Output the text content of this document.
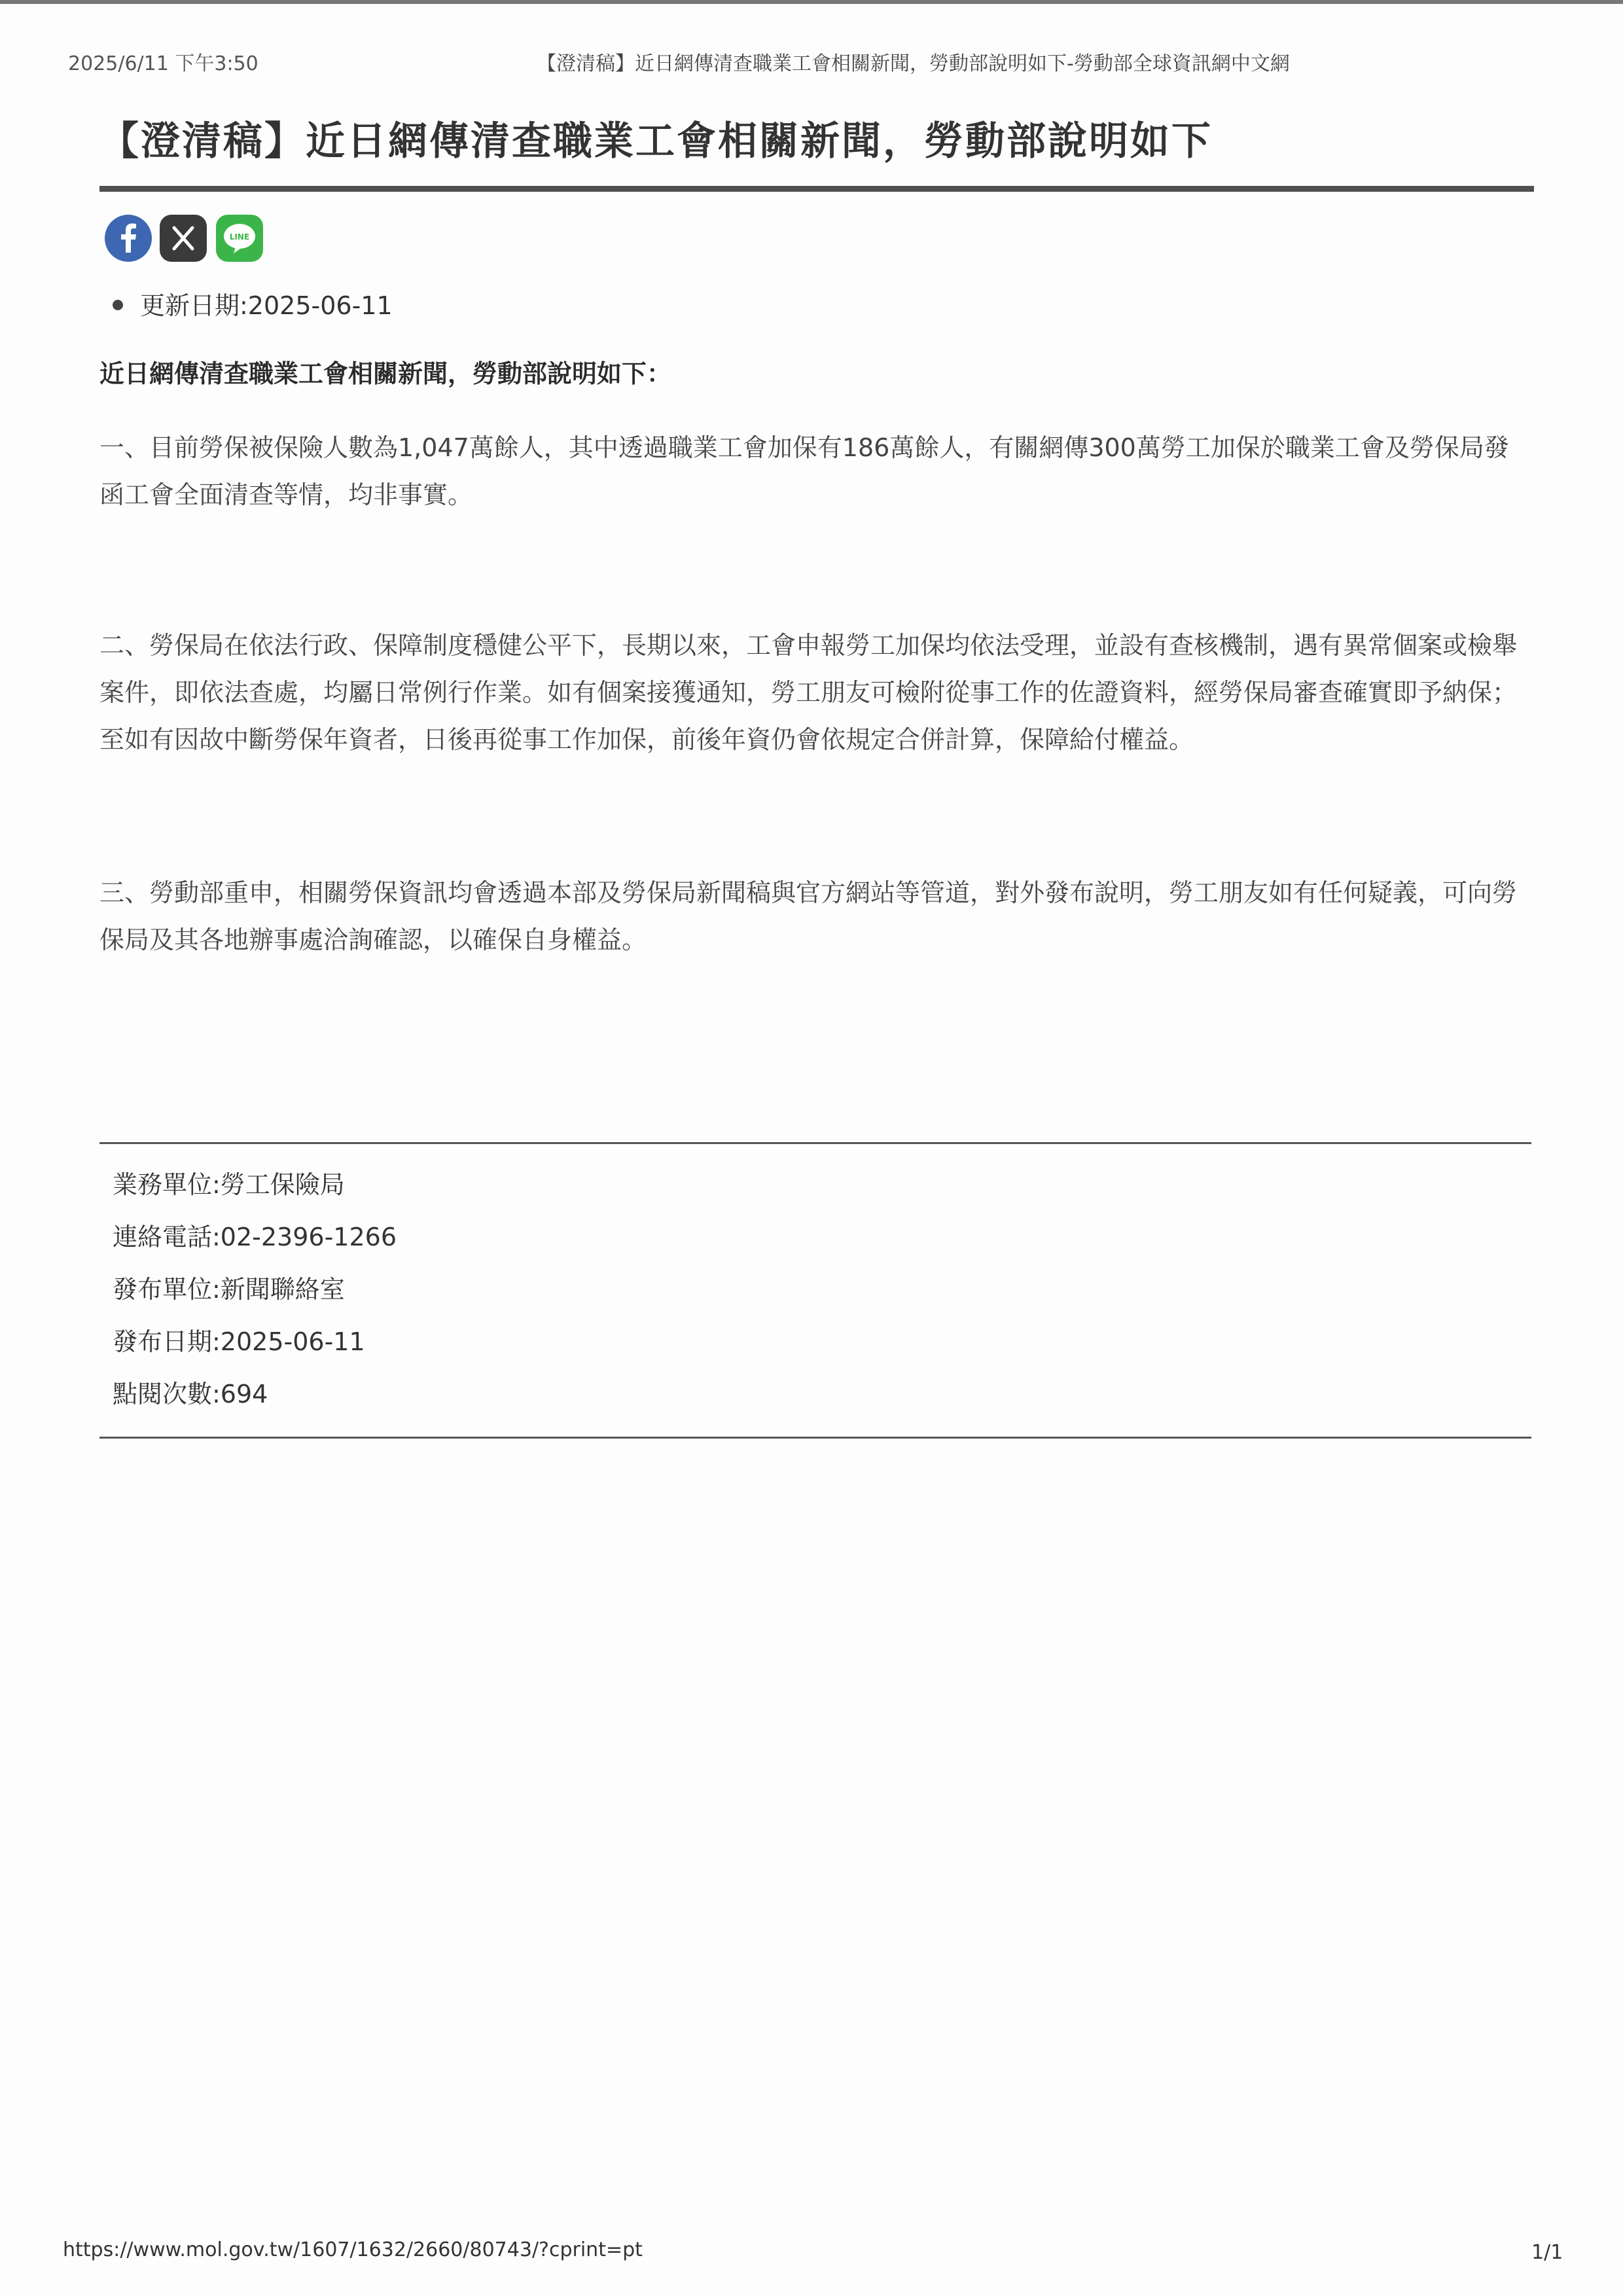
2025/6/11 下午3:50	【澄清稿】近日網傳清查職業工會相關新聞，勞動部說明如下-勞動部全球資訊網中文網
【澄清稿】近日網傳清查職業工會相關新聞，勞動部說明如下
LINE
更新日期:2025-06-11
近日網傳清查職業工會相關新聞，勞動部說明如下：
一、目前勞保被保險人數為1,047萬餘人，其中透過職業工會加保有186萬餘人，有關網傳300萬勞工加保於職業工會及勞保局發函工會全面清查等情，均非事實。
二、勞保局在依法行政、保障制度穩健公平下，長期以來，工會申報勞工加保均依法受理，並設有查核機制，遇有異常個案或檢舉案件，即依法查處，均屬日常例行作業。如有個案接獲通知，勞工朋友可檢附從事工作的佐證資料，經勞保局審查確實即予納保；至如有因故中斷勞保年資者，日後再從事工作加保，前後年資仍會依規定合併計算，保障給付權益。
三、勞動部重申，相關勞保資訊均會透過本部及勞保局新聞稿與官方網站等管道，對外發布說明，勞工朋友如有任何疑義，可向勞保局及其各地辦事處洽詢確認，以確保自身權益。
業務單位:勞工保險局
連絡電話:02-2396-1266
發布單位:新聞聯絡室
發布日期:2025-06-11
點閱次數:694
https://www.mol.gov.tw/1607/1632/2660/80743/?cprint=pt	1/1
